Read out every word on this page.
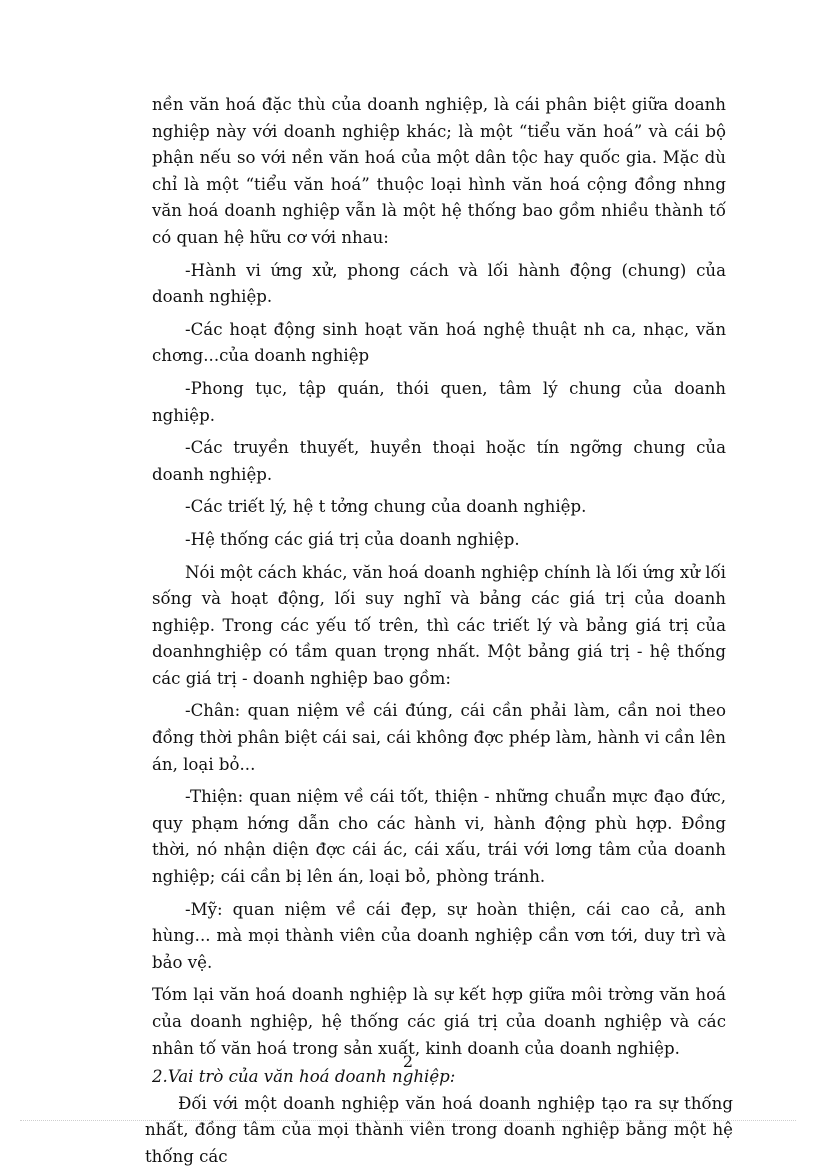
nền văn hoá đặc thù của doanh nghiệp, là cái phân biệt giữa doanh nghiệp này với doanh nghiệp khác; là một “tiểu văn hoá” và cái bộ phận nếu so với nền văn hoá của một dân tộc hay quốc gia. Mặc dù chỉ là một “tiểu văn hoá” thuộc loại hình văn hoá cộng đồng nhng văn hoá doanh nghiệp vẫn là một hệ thống bao gồm nhiều thành tố có quan hệ hữu cơ với nhau:

-Hành vi ứng xử, phong cách và lối hành động (chung) của doanh nghiệp.

-Các hoạt động sinh hoạt văn hoá nghệ thuật nh ca, nhạc, văn chơng...của doanh nghiệp

-Phong tục, tập quán, thói quen, tâm lý chung của doanh nghiệp.

-Các truyền thuyết, huyền thoại hoặc tín ngỡng chung của doanh nghiệp.

-Các triết lý, hệ t tởng chung của doanh nghiệp.

-Hệ thống các giá trị của doanh nghiệp.

Nói một cách khác, văn hoá doanh nghiệp chính là lối ứng xử lối sống và hoạt động, lối suy nghĩ và bảng các giá trị của doanh nghiệp. Trong các yếu tố trên, thì các triết lý và bảng giá trị của doanhnghiệp có tầm quan trọng nhất. Một bảng giá trị - hệ thống các giá trị - doanh nghiệp bao gồm:

-Chân: quan niệm về cái đúng, cái cần phải làm, cần noi theo đồng thời phân biệt cái sai, cái không đợc phép làm, hành vi cần lên án, loại bỏ...

-Thiện: quan niệm về cái tốt, thiện - những chuẩn mực đạo đức, quy phạm hớng dẫn cho các hành vi, hành động phù hợp. Đồng thời, nó nhận diện đợc cái ác, cái xấu, trái với lơng tâm của doanh nghiệp; cái cần bị lên án, loại bỏ, phòng tránh.

-Mỹ: quan niệm về cái đẹp, sự hoàn thiện, cái cao cả, anh hùng... mà mọi thành viên của doanh nghiệp cần vơn tới, duy trì và bảo vệ.

Tóm lại văn hoá doanh nghiệp là sự kết hợp giữa môi trờng văn hoá của doanh nghiệp, hệ thống các giá trị của doanh nghiệp và các nhân tố văn hoá trong sản xuất, kinh doanh của doanh nghiệp.

2.Vai trò của văn hoá doanh nghiệp:

Đối với một doanh nghiệp văn hoá doanh nghiệp tạo ra sự thống nhất, đồng tâm của mọi thành viên trong doanh nghiệp bằng một hệ thống các

2
